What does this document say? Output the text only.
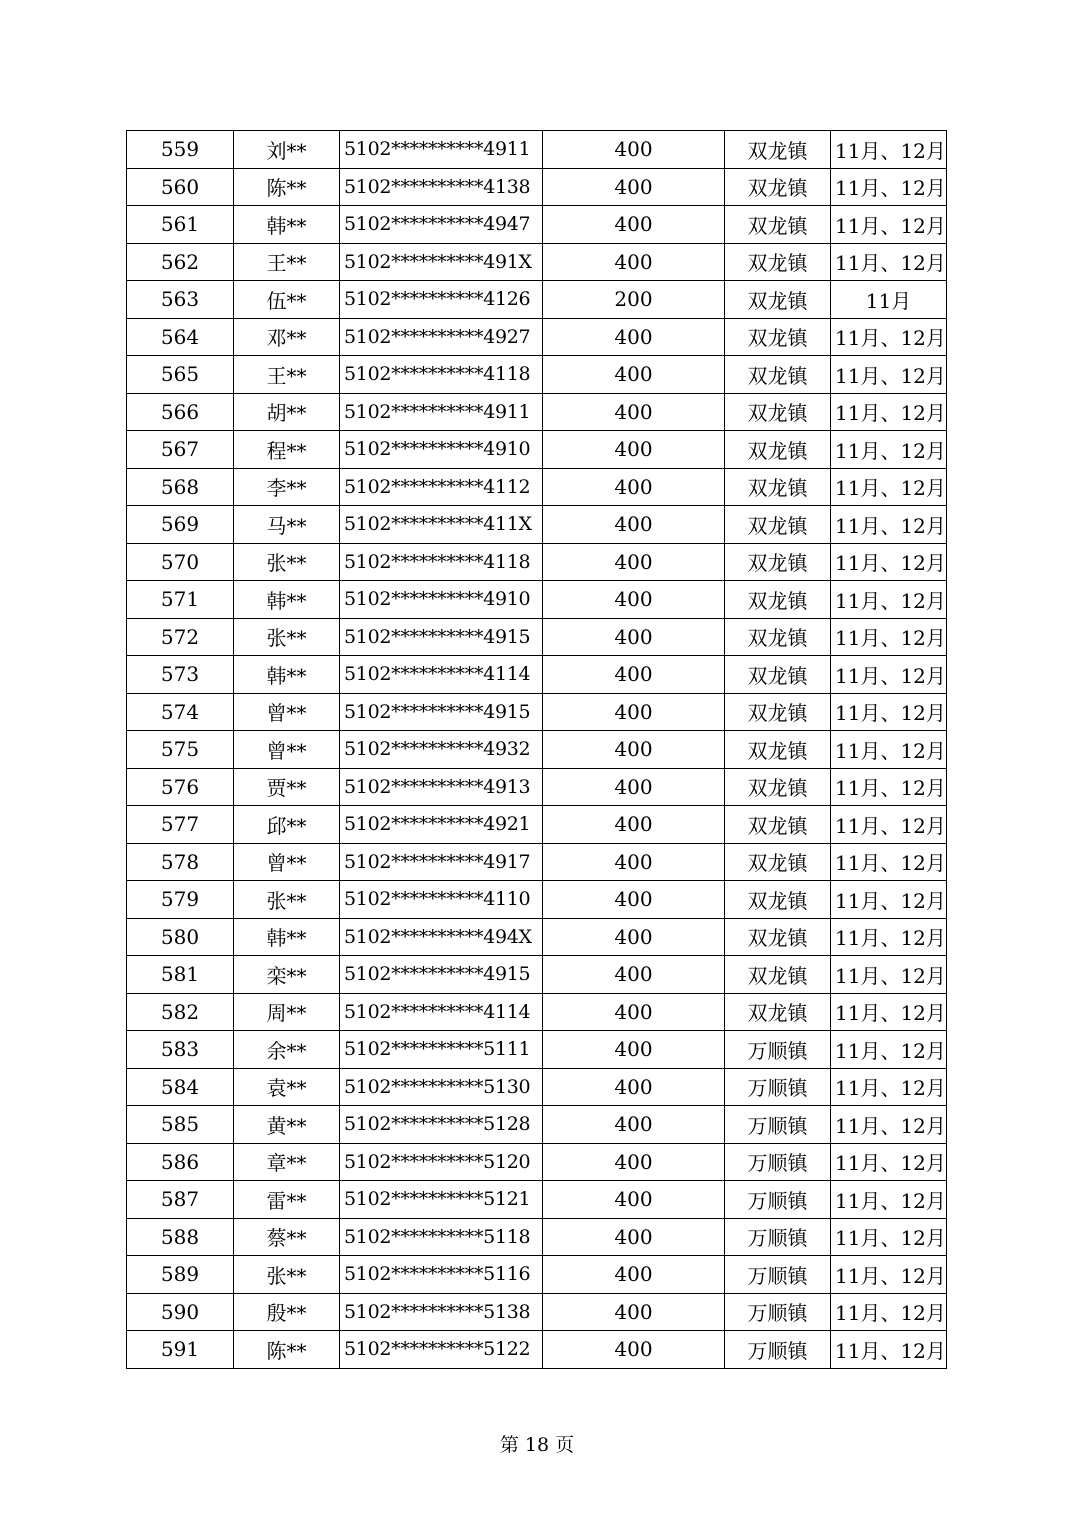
559	刘**	5102**********4911	400	双龙镇	11月、12月
560	陈**	5102**********4138	400	双龙镇	11月、12月
561	韩**	5102**********4947	400	双龙镇	11月、12月
562	王**	5102**********491X	400	双龙镇	11月、12月
563	伍**	5102**********4126	200	双龙镇	11月
564	邓**	5102**********4927	400	双龙镇	11月、12月
565	王**	5102**********4118	400	双龙镇	11月、12月
566	胡**	5102**********4911	400	双龙镇	11月、12月
567	程**	5102**********4910	400	双龙镇	11月、12月
568	李**	5102**********4112	400	双龙镇	11月、12月
569	马**	5102**********411X	400	双龙镇	11月、12月
570	张**	5102**********4118	400	双龙镇	11月、12月
571	韩**	5102**********4910	400	双龙镇	11月、12月
572	张**	5102**********4915	400	双龙镇	11月、12月
573	韩**	5102**********4114	400	双龙镇	11月、12月
574	曾**	5102**********4915	400	双龙镇	11月、12月
575	曾**	5102**********4932	400	双龙镇	11月、12月
576	贾**	5102**********4913	400	双龙镇	11月、12月
577	邱**	5102**********4921	400	双龙镇	11月、12月
578	曾**	5102**********4917	400	双龙镇	11月、12月
579	张**	5102**********4110	400	双龙镇	11月、12月
580	韩**	5102**********494X	400	双龙镇	11月、12月
581	栾**	5102**********4915	400	双龙镇	11月、12月
582	周**	5102**********4114	400	双龙镇	11月、12月
583	余**	5102**********5111	400	万顺镇	11月、12月
584	袁**	5102**********5130	400	万顺镇	11月、12月
585	黄**	5102**********5128	400	万顺镇	11月、12月
586	章**	5102**********5120	400	万顺镇	11月、12月
587	雷**	5102**********5121	400	万顺镇	11月、12月
588	蔡**	5102**********5118	400	万顺镇	11月、12月
589	张**	5102**********5116	400	万顺镇	11月、12月
590	殷**	5102**********5138	400	万顺镇	11月、12月
591	陈**	5102**********5122	400	万顺镇	11月、12月
第 18 页
